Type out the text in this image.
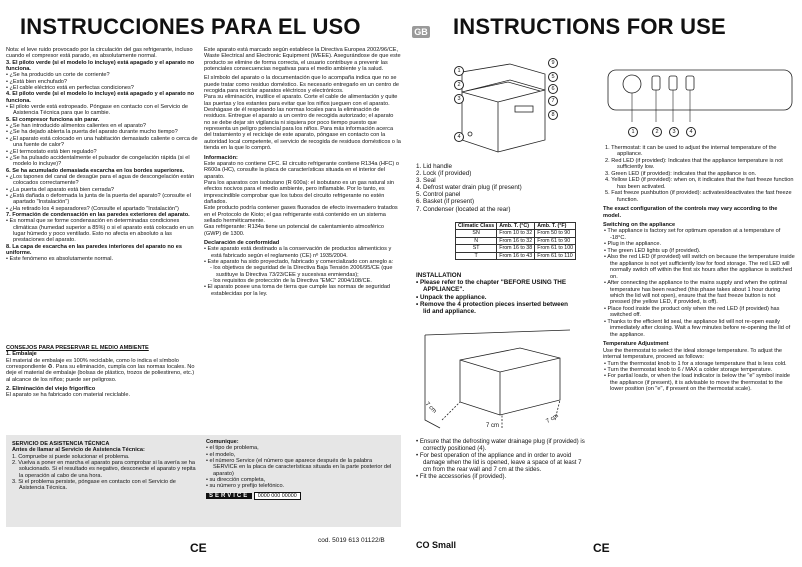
INSTRUCCIONES PARA EL USO	GB INSTRUCTIONS FOR USE

Nota: el leve ruido provocado por la circulación del gas refrigerante, incluso cuando el compresor está parado, es absolutamente normal.

3. El piloto verde (si el modelo lo incluye) está apagado y el aparato no funciona.

• ¿Se ha producido un corte de corriente?

• ¿Está bien enchufado?

• ¿El cable eléctrico está en perfectas condiciones?

4. El piloto verde (si el modelo lo incluye) está apagado y el aparato no funciona.

• El piloto verde está estropeado. Póngase en contacto con el Servicio de Asistencia Técnica para que lo cambie.

5. El compresor funciona sin parar.

• ¿Se han introducido alimentos calientes en el aparato?

• ¿Se ha dejado abierta la puerta del aparato durante mucho tiempo?

• ¿El aparato está colocado en una habitación demasiado caliente o cerca de una fuente de calor?

• ¿El termostato está bien regulado?

• ¿Se ha pulsado accidentalmente el pulsador de congelación rápida (si el modelo lo incluye)?

6. Se ha acumulado demasiada escarcha en los bordes superiores.

• ¿Los tapones del canal de desagüe para el agua de descongelación están colocados correctamente?

• ¿La puerta del aparato está bien cerrada?

• ¿Está dañada o deformada la junta de la puerta del aparato? (consulte el apartado "Instalación")

• ¿Ha retirado los 4 separadores? (Consulte el apartado "Instalación")

7. Formación de condensación en las paredes exteriores del aparato.

• Es normal que se forme condensación en determinadas condiciones climáticas (humedad superior a 85%) o si el aparato está colocado en un lugar húmedo y poco ventilado. Esto no afecta en absoluto a las prestaciones del aparato.

8. La capa de escarcha en las paredes interiores del aparato no es uniforme.

• Este fenómeno es absolutamente normal.

CONSEJOS PARA PRESERVAR EL MEDIO AMBIENTE

1. Embalaje

El material de embalaje es 100% reciclable, como lo indica el símbolo correspondiente ♻. Para su eliminación, cumpla con las normas locales. No deje el material de embalaje (bolsas de plástico, trozos de poliestireno, etc.) al alcance de los niños; puede ser peligroso.

2. Eliminación del viejo frigorífico

El aparato se ha fabricado con material reciclable.

Este aparato está marcado según establece la Directiva Europea 2002/96/CE, Waste Electrical and Electronic Equipment (WEEE). Asegurándose de que este producto se elimine de forma correcta, el usuario contribuye a prevenir las potenciales consecuencias negativas para el medio ambiente y la salud.

El símbolo del aparato o la documentación que lo acompaña indica que no se puede tratar como residuo doméstico. Es necesario entregarlo en un centro de recogida para reciclar aparatos eléctricos y electrónicos.

Para su eliminación, inutilice el aparato. Corte el cable de alimentación y quite las puertas y los estantes para evitar que los niños jueguen con el aparato.

Deshágase de él respetando las normas locales para la eliminación de residuos. Entregue el aparato a un centro de recogida autorizado; el aparato no se debe dejar sin vigilancia ni siquiera por poco tiempo puesto que representa un peligro potencial para los niños. Para más información acerca del tratamiento y el reciclaje de este aparato, póngase en contacto con la autoridad local competente, el servicio de recogida de residuos domésticos o la tienda en la que lo compró.

Información:

Este aparato no contiene CFC. El circuito refrigerante contiene R134a (HFC) o R600a (HC), consulte la placa de características situada en el interior del aparato.

Para los aparatos con isobutano (R 600a): el isobutano es un gas natural sin efectos nocivos para el medio ambiente, pero inflamable. Por lo tanto, es imprescindible comprobar que los tubos del circuito refrigerante no estén dañados.

Este producto podría contener gases fluorados de efecto invernadero tratados en el Protocolo de Kioto; el gas refrigerante está contenido en un sistema sellado herméticamente.

Gas refrigerante: R134a tiene un potencial de calentamiento atmosférico (GWP) de 1300.

Declaración de conformidad

• Este aparato está destinado a la conservación de productos alimenticios y está fabricado según el reglamento (CE) nº 1935/2004.

• Este aparato ha sido proyectado, fabricado y comercializado con arreglo a:

- los objetivos de seguridad de la Directiva Baja Tensión 2006/95/CE (que sustituye la Directiva 73/23/CEE y sucesivas enmiendas);

- los requisitos de protección de la Directiva "EMC" 2004/108/CE.

• El aparato posee una toma de tierra que cumple las normas de seguridad establecidas por la ley.

SERVICIO DE ASISTENCIA TÉCNICA

Antes de llamar al Servicio de Asistencia Técnica:

1. Compruebe si puede solucionar el problema.

2. Vuelva a poner en marcha el aparato para comprobar si la avería se ha solucionado. Si el resultado es negativo, desconecte el aparato y repita la operación al cabo de una hora.

3. Si el problema persiste, póngase en contacto con el Servicio de Asistencia Técnica.

Comunique:

• el tipo de problema,

• el modelo,

• el número Service (el número que aparece después de la palabra SERVICE en la placa de características situada en la parte posterior del aparato)

• su dirección completa,

• su número y prefijo telefónico.

SERVICE 0000 000 00000
CE
cod. 5019 613 01122/B
1
2
3
4
5
6
7
8
9
1. Lid handle
2. Lock (if provided)
3. Seal
4. Defrost water drain plug (if present)
5. Control panel
6. Basket (if present)
7. Condenser (located at the rear)
Climatic Class	Amb. T. (°C)	Amb. T. (°F)
SN	From 10 to 32	From 50 to 90
N	From 16 to 32	From 61 to 90
ST	From 16 to 38	From 61 to 100
T	From 16 to 43	From 61 to 110
INSTALLATION
• Please refer to the chapter "BEFORE USING THE APPLIANCE".
• Unpack the appliance.
• Remove the 4 protection pieces inserted between lid and appliance.
7 cm
7 cm
7 cm
• Ensure that the defrosting water drainage plug (if provided) is correctly positioned (4).
• For best operation of the appliance and in order to avoid damage when the lid is opened, leave a space of at least 7 cm from the rear wall and 7 cm at the sides.
• Fit the accessories (if provided).
CO Small	CE
1	2	3	4

1. Thermostat: it can be used to adjust the internal temperature of the appliance.

2. Red LED (if provided): Indicates that the appliance temperature is not sufficiently low.

3. Green LED (if provided): indicates that the appliance is on.

4. Yellow LED (if provided): when on, it indicates that the fast freeze function has been activated.

5. Fast freeze pushbutton (if provided): activates/deactivates the fast freeze function.

The exact configuration of the controls may vary according to the model.

Switching on the appliance

• The appliance is factory set for optimum operation at a temperature of -18°C.

• Plug in the appliance.

• The green LED lights up (if provided).

• Also the red LED (if provided) will switch on because the temperature inside the appliance is not yet sufficiently low for food storage. The red LED will normally switch off within the first six hours after the appliance is switched on.

• After connecting the appliance to the mains supply and when the optimal temperature has been reached (this phase takes about 1 hour during which the lid will not open), ensure that the fast freeze button is not pressed (the yellow LED, if provided, is off).

• Place food inside the product only when the red LED (if provided) has switched off.

• Thanks to the efficient lid seal, the appliance lid will not re-open easily immediately after closing. Wait a few minutes before re-opening the lid of the appliance.

Temperature Adjustment

Use the thermostat to select the ideal storage temperature. To adjust the internal temperature, proceed as follows:

• Turn the thermostat knob to 1 for a storage temperature that is less cold.

• Turn the thermostat knob to 6 / MAX a colder storage temperature.

• For partial loads, or when the load indicator is below the "e" symbol inside the appliance (if present), it is advisable to move the thermostat to the lower position (on "e", if present on the thermostat scale).
